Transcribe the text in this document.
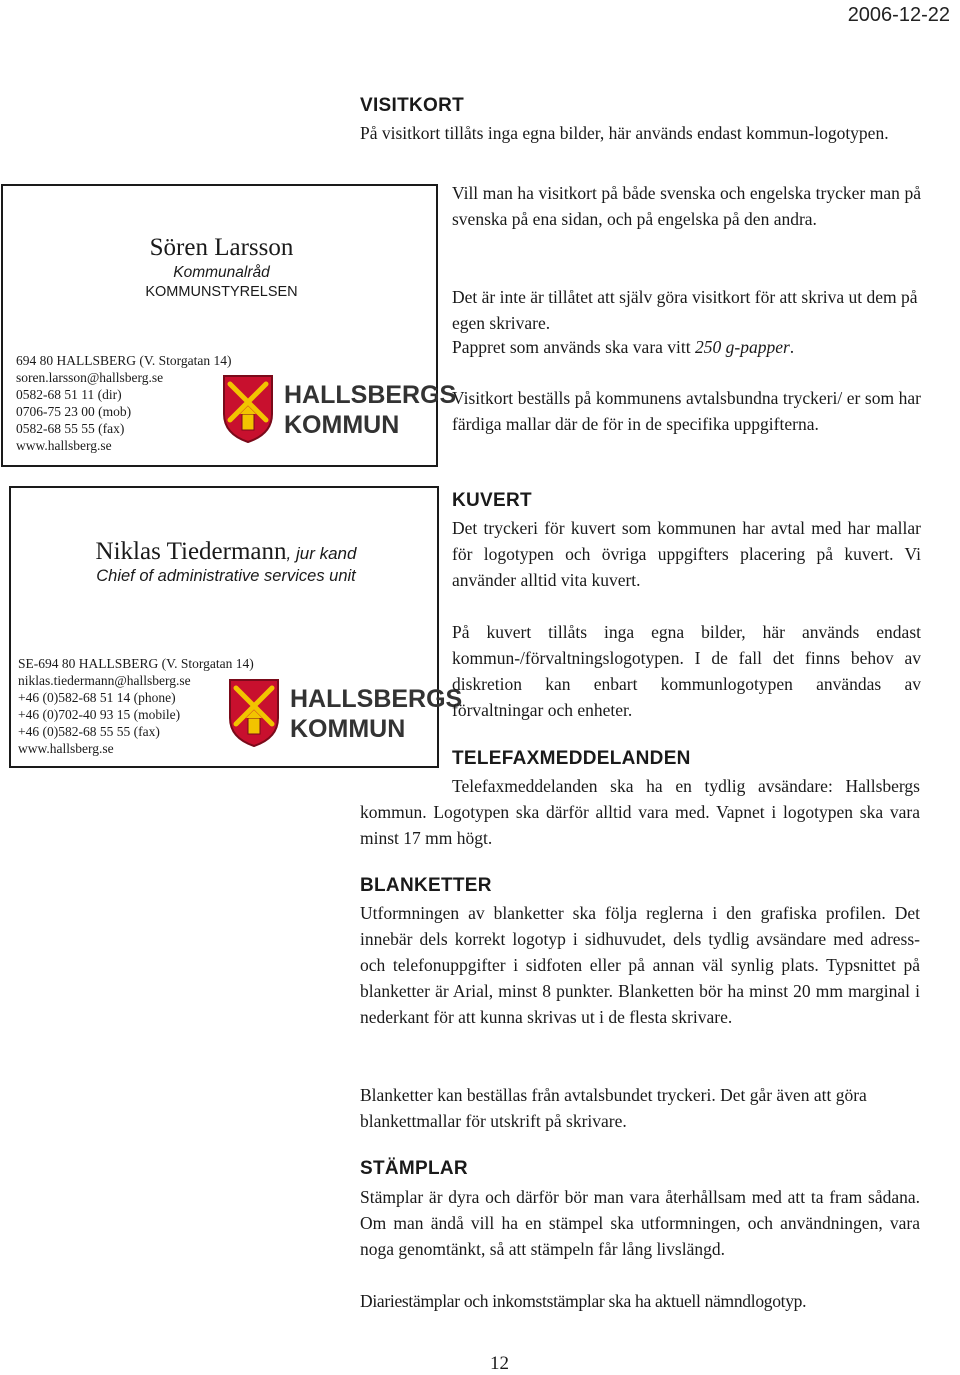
2006-12-22
Sören Larsson
Kommunalråd
KOMMUNSTYRELSEN
694 80 HALLSBERG (V. Storgatan 14)
soren.larsson@hallsberg.se
0582-68 51 11 (dir)
0706-75 23 00 (mob)
0582-68 55 55 (fax)
www.hallsberg.se
HALLSBERGS
KOMMUN
Niklas Tiedermann, jur kand
Chief of administrative services unit
SE-694 80 HALLSBERG (V. Storgatan 14)
niklas.tiedermann@hallsberg.se
+46 (0)582-68 51 14 (phone)
+46 (0)702-40 93 15 (mobile)
+46 (0)582-68 55 55 (fax)
www.hallsberg.se
HALLSBERGS
KOMMUN
VISITKORT

På visitkort tillåts inga egna bilder, här används endast kommun-logotypen.

Vill man ha visitkort på både svenska och engelska trycker man på svenska på ena sidan, och på engelska på den andra.

Det är inte är tillåtet att själv göra visitkort för att skriva ut dem på egen skrivare.

Pappret som används ska vara vitt 250 g-papper.

Visitkort beställs på kommunens avtalsbundna tryckeri/ er som har färdiga mallar där de för in de specifika uppgifterna.

KUVERT

Det tryckeri för kuvert som kommunen har avtal med har mallar för logotypen och övriga uppgifters placering på kuvert. Vi använder alltid vita kuvert.

På kuvert tillåts inga egna bilder, här används endast kommun-/förvaltningslogotypen. I de fall det finns behov av diskretion kan enbart kommunlogotypen användas av förvaltningar och enheter.

TELEFAXMEDDELANDEN

Telefaxmeddelanden ska ha en tydlig avsändare: Hallsbergs kommun. Logotypen ska därför alltid vara med. Vapnet i logotypen ska vara minst 17 mm högt.

BLANKETTER

Utformningen av blanketter ska följa reglerna i den grafiska profilen. Det innebär dels korrekt logotyp i sidhuvudet, dels tydlig avsändare med adress- och telefonuppgifter i sidfoten eller på annan väl synlig plats. Typsnittet på blanketter är Arial, minst 8 punkter. Blanketten bör ha minst 20 mm marginal i nederkant för att kunna skrivas ut i de flesta skrivare.

Blanketter kan beställas från avtalsbundet tryckeri. Det går även att göra blankettmallar för utskrift på skrivare.

STÄMPLAR

Stämplar är dyra och därför bör man vara återhållsam med att ta fram sådana. Om man ändå vill ha en stämpel ska utformningen, och användningen, vara noga genomtänkt, så att stämpeln får lång livslängd.

Diariestämplar och inkomststämplar ska ha aktuell nämndlogotyp.

12
